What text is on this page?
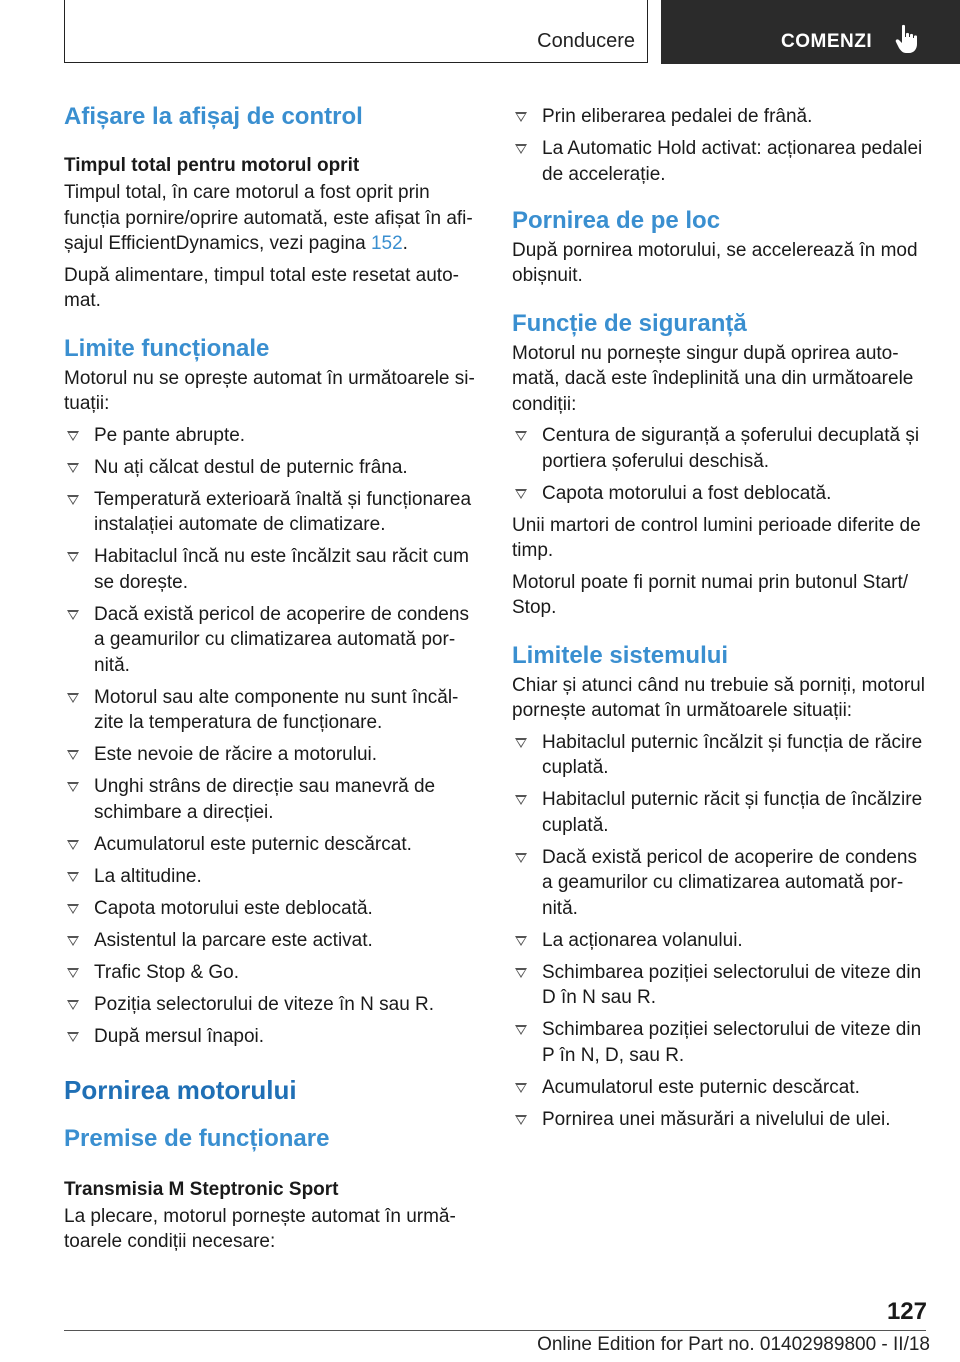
Conducere	COMENZI
Afișare la afișaj de control
Timpul total pentru motorul oprit

Timpul total, în care motorul a fost oprit prin funcția pornire/oprire automată, este afișat în afi‐șajul EfficientDynamics, vezi pagina 152.

După alimentare, timpul total este resetat auto‐mat.

Limite funcționale

Motorul nu se oprește automat în următoarele si‐tuații:

Pe pante abrupte.
Nu ați călcat destul de puternic frâna.
Temperatură exterioară înaltă și funcționarea instalației automate de climatizare.
Habitaclul încă nu este încălzit sau răcit cum se dorește.
Dacă există pericol de acoperire de condens a geamurilor cu climatizarea automată por‐nită.
Motorul sau alte componente nu sunt încăl‐zite la temperatura de funcționare.
Este nevoie de răcire a motorului.
Unghi strâns de direcție sau manevră de schimbare a direcției.
Acumulatorul este puternic descărcat.
La altitudine.
Capota motorului este deblocată.
Asistentul la parcare este activat.
Trafic Stop & Go.
Poziția selectorului de viteze în N sau R.
După mersul înapoi.
Pornirea motorului
Premise de funcționare
Transmisia M Steptronic Sport

La plecare, motorul pornește automat în urmă‐toarele condiții necesare:

Prin eliberarea pedalei de frână.
La Automatic Hold activat: acționarea pedalei de accelerație.
Pornirea de pe loc

După pornirea motorului, se accelerează în mod obișnuit.

Funcție de siguranță

Motorul nu pornește singur după oprirea auto‐mată, dacă este îndeplinită una din următoarele condiții:

Centura de siguranță a șoferului decuplată și portiera șoferului deschisă.
Capota motorului a fost deblocată.

Unii martori de control lumini perioade diferite de timp.

Motorul poate fi pornit numai prin butonul Start/ Stop.

Limitele sistemului

Chiar și atunci când nu trebuie să porniți, motorul pornește automat în următoarele situații:

Habitaclul puternic încălzit și funcția de răcire cuplată.
Habitaclul puternic răcit și funcția de încălzire cuplată.
Dacă există pericol de acoperire de condens a geamurilor cu climatizarea automată por‐nită.
La acționarea volanului.
Schimbarea poziției selectorului de viteze din D în N sau R.
Schimbarea poziției selectorului de viteze din P în N, D, sau R.
Acumulatorul este puternic descărcat.
Pornirea unei măsurări a nivelului de ulei.
127
Online Edition for Part no. 01402989800 - II/18
